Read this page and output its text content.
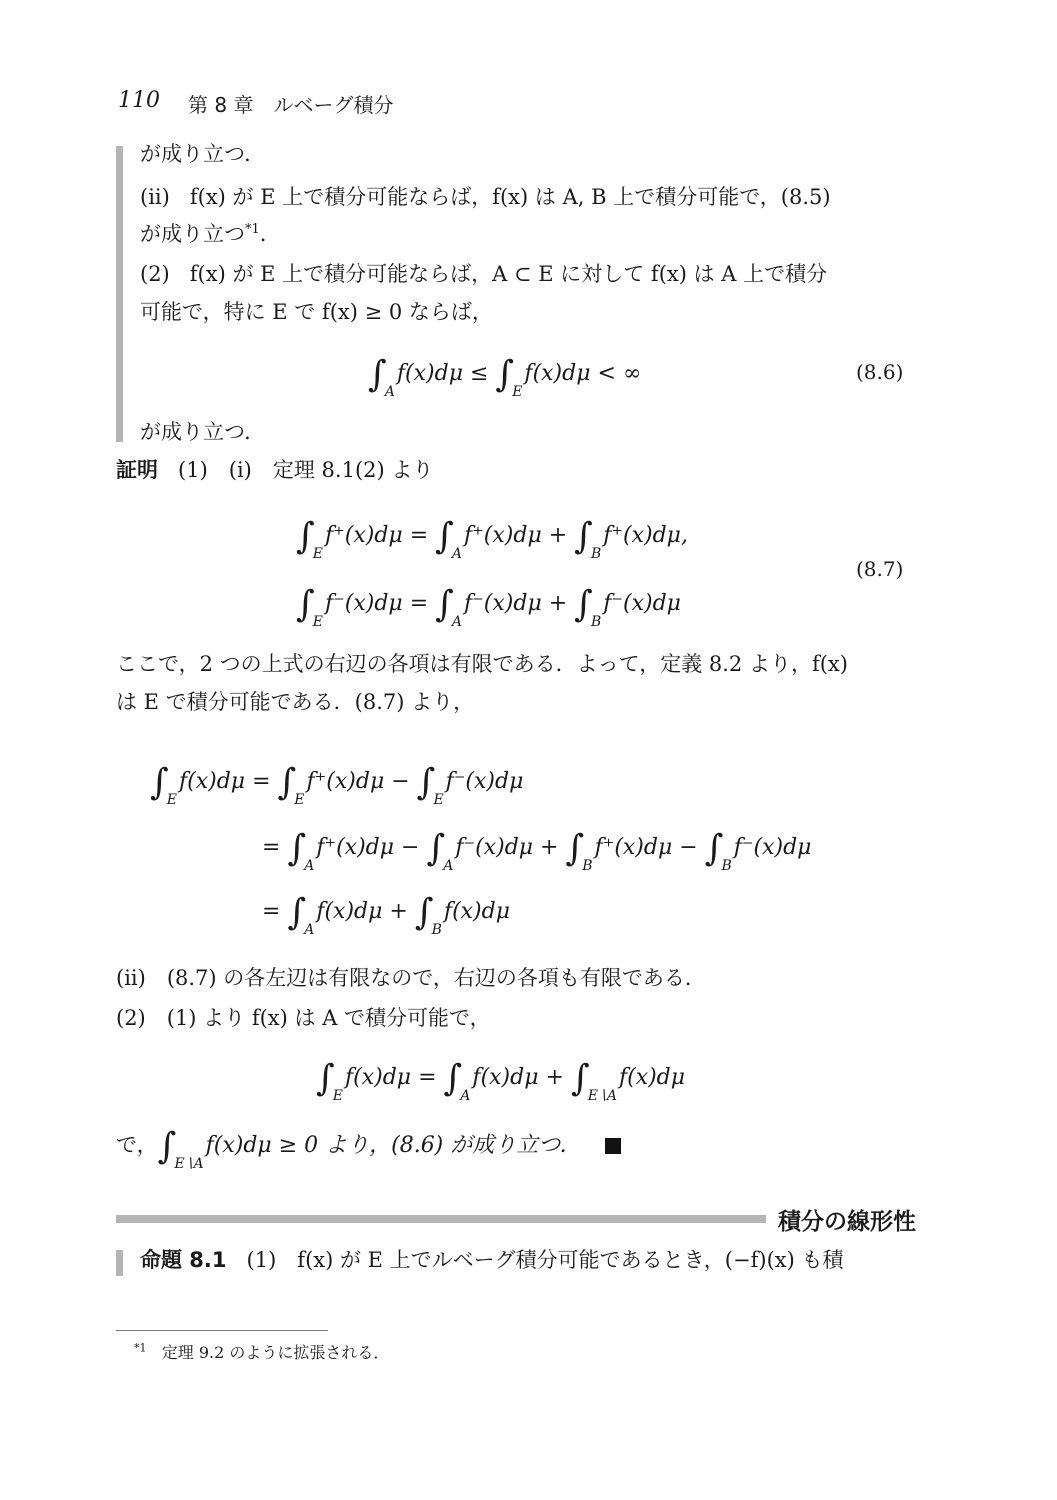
110 第 8 章　ルベーグ積分
が成り立つ．
(ii) f(x) が E 上で積分可能ならば，f(x) は A, B 上で積分可能で，(8.5)
が成り立つ$^{*1}$.
(2) f(x) が E 上で積分可能ならば，A ⊂ E に対して f(x) は A 上で積分
可能で，特に E で f(x) ≥ 0 ならば，
∫Af(x)dμ ≤ ∫Ef(x)dμ < ∞	(8.6)
が成り立つ．
証明 (1)　(i)　定理 8.1(2) より
∫Ef⁺(x)dμ = ∫Af⁺(x)dμ + ∫Bf⁺(x)dμ,
∫Ef⁻(x)dμ = ∫Af⁻(x)dμ + ∫Bf⁻(x)dμ
(8.7)
ここで，2 つの上式の右辺の各項は有限である．よって，定義 8.2 より，f(x)
は E で積分可能である．(8.7) より，
∫Ef(x)dμ = ∫Ef⁺(x)dμ − ∫Ef⁻(x)dμ
= ∫Af⁺(x)dμ − ∫Af⁻(x)dμ + ∫Bf⁺(x)dμ − ∫Bf⁻(x)dμ
= ∫Af(x)dμ + ∫Bf(x)dμ
(ii)　(8.7) の各左辺は有限なので，右辺の各項も有限である．
(2)　(1) より f(x) は A で積分可能で，
∫Ef(x)dμ = ∫Af(x)dμ + ∫E∖Af(x)dμ
で，∫E∖Af(x)dμ ≥ 0 より，(8.6) が成り立つ．
積分の線形性
命題 8.1 (1)　f(x) が E 上でルベーグ積分可能であるとき，(−f)(x) も積
$^{*1}$ 定理 9.2 のように拡張される．
